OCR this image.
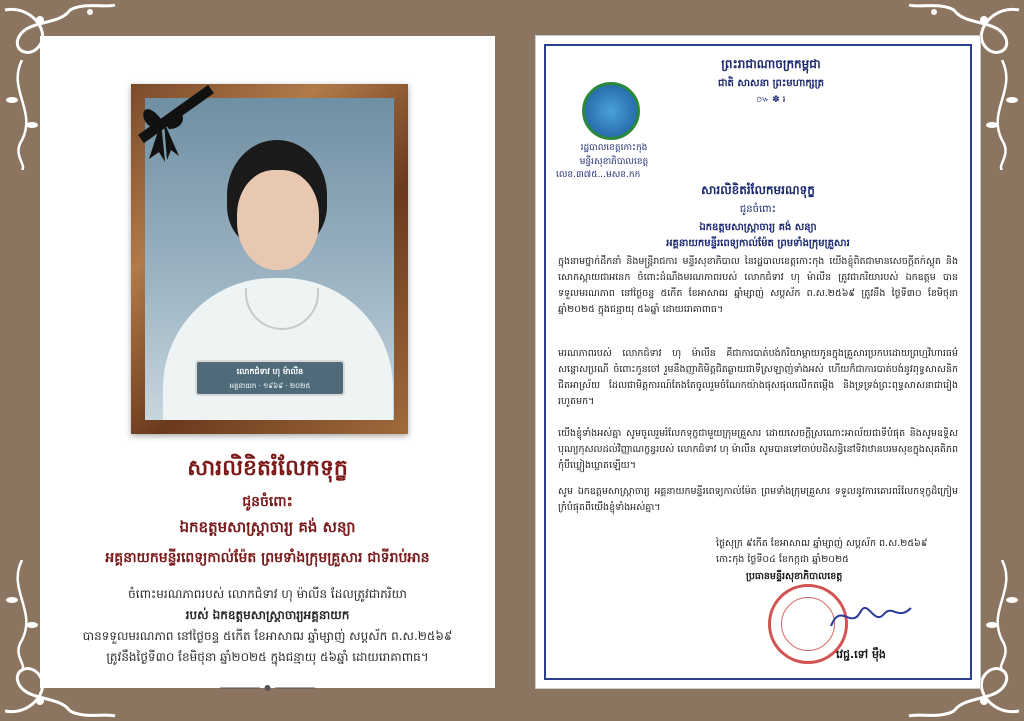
លោកជំទាវ ហុ ម៉ាលីន
អគ្គនាយក · ១៩៦៩ · ២០២៥
សារលិខិតរំលែកទុក្ខ
ជូនចំពោះ
ឯកឧត្តមសាស្ត្រាចារ្យ គង់ សន្យា
អគ្គនាយកមន្ទីរពេទ្យកាល់ម៉ែត ព្រមទាំងក្រុមគ្រួសារ ជាទីរាប់អាន
ចំពោះមរណភាពរបស់ លោកជំទាវ ហុ ម៉ាលីន ដែលត្រូវជាភរិយា
របស់ ឯកឧត្តមសាស្ត្រាចារ្យអគ្គនាយក
បានទទួលមរណភាព នៅថ្ងៃចន្ទ ៥កើត ខែអាសាឍ ឆ្នាំម្សាញ់ សប្តស័ក ព.ស.២៥៦៩
ត្រូវនឹងថ្ងៃទី៣០ ខែមិថុនា ឆ្នាំ២០២៥ ក្នុងជន្មាយុ ៥៦ឆ្នាំ ដោយរោគាពាធ។
ព្រះរាជាណាចក្រកម្ពុជា
ជាតិ សាសនា ព្រះមហាក្សត្រ
៚ ✽ ៛
រដ្ឋបាលខេត្តកោះកុង
មន្ទីរសុខាភិបាលខេត្ត
លេខ.៣៧៥...មសខ.កក
សារលិខិតរំលែកមរណទុក្ខ
ជូនចំពោះ
ឯកឧត្តមសាស្ត្រាចារ្យ គង់ សន្យា
អគ្គនាយកមន្ទីរពេទ្យកាល់ម៉ែត ព្រមទាំងក្រុមគ្រួសារ
ក្នុងនាមថ្នាក់ដឹកនាំ និងមន្ត្រីរាជការ មន្ទីរសុខាភិបាល នៃរដ្ឋបាលខេត្តកោះកុង យើងខ្ញុំពិតជាមានសេចក្តីតក់ស្លុត និងសោកស្តាយជាអនេក ចំពោះដំណឹងមរណភាពរបស់ លោកជំទាវ ហុ ម៉ាលីន ត្រូវជាភរិយារបស់ ឯកឧត្តម បានទទួលមរណភាព នៅថ្ងៃចន្ទ ៥កើត ខែអាសាឍ ឆ្នាំម្សាញ់ សប្តស័ក ព.ស.២៥៦៩ ត្រូវនឹង ថ្ងៃទី៣០ ខែមិថុនា ឆ្នាំ២០២៥ ក្នុងជន្មាយុ ៥៦ឆ្នាំ ដោយរោគាពាធ។
មរណភាពរបស់ លោកជំទាវ ហុ ម៉ាលីន គឺជាការបាត់បង់ភរិយាម្តាយកូនក្នុងគ្រួសារប្រកបដោយព្រហ្មវិហារធម៌ សន្តោសប្រណី ចំពោះកូនចៅ រួមនឹងញាតិមិត្តជិតឆ្ងាយជាទីស្រឡាញ់ទាំងអស់ ហើយក៏ជាការបាត់បង់នូវពុទ្ធសាសនិកជិតអាស្រ័យ ដែលជាមិត្តការណ៍តែងតែចូលរួមចំណែកយ៉ាងផុសផុលលើកតម្កើង និងទ្រទ្រង់ព្រះពុទ្ធសាសនាជារៀងរហូតមក។
យើងខ្ញុំទាំងអស់គ្នា សូមចូលរួមរំលែកទុក្ខជាមួយក្រុមគ្រួសារ ដោយសេចក្តីស្រណោះអាល័យជាទីបំផុត និងសូមឧទ្ទិសបុណ្យកុសលដល់វិញ្ញាណក្ខន្ធរបស់ លោកជំទាវ ហុ ម៉ាលីន សូមបានទៅចាប់បដិសន្ធិនៅទិវាឋានបរមសុខក្នុងសុគតិភពកុំបីឃ្លៀងឃ្លាតឡើយ។
សូម ឯកឧត្តមសាស្ត្រាចារ្យ អគ្គនាយកមន្ទីរពេទ្យកាល់ម៉ែត ព្រមទាំងក្រុមគ្រួសារ ទទួលនូវការគោរពរំលែកទុក្ខដ៏ក្រៀមក្រំបំផុតពីយើងខ្ញុំទាំងអស់គ្នា។
ថ្ងៃសុក្រ ៩កើត ខែអាសាឍ ឆ្នាំម្សាញ់ សប្តស័ក ព.ស.២៥៦៩
កោះកុង ថ្ងៃទី០៤ ខែកក្កដា ឆ្នាំ២០២៥
ប្រធានមន្ទីរសុខាភិបាលខេត្ត
វេជ្ជ.ទៅ ម៉ឹង
